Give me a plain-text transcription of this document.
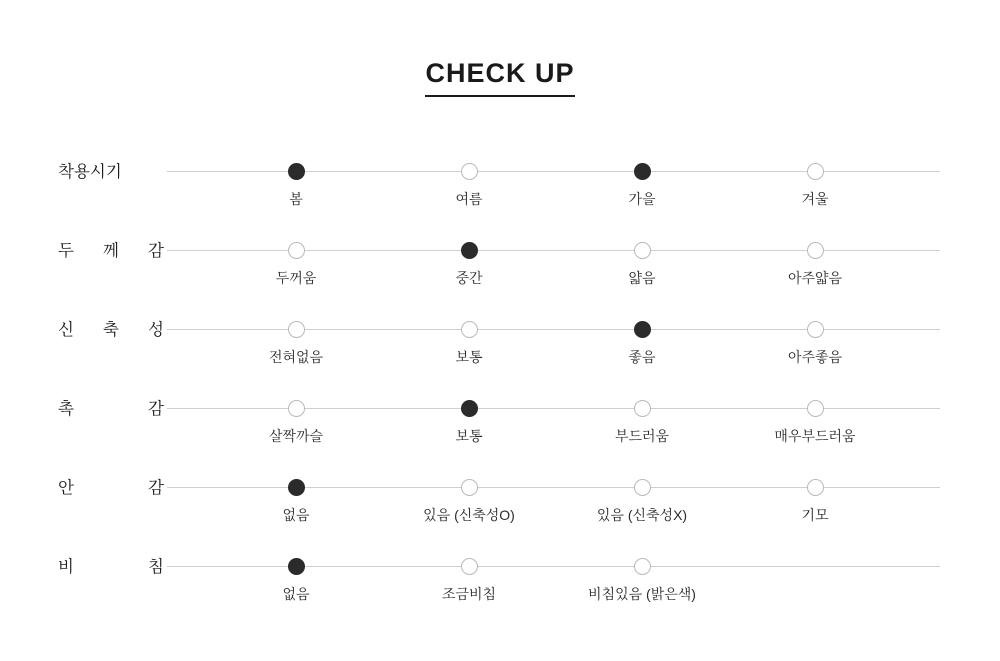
CHECK UP
착용시기
봄	여름	가을	겨울
두 께 감
두꺼움	중간	얇음	아주얇음
신 축 성
전혀없음	보통	좋음	아주좋음
촉	감
살짝까슬	보통	부드러움	매우부드러움
안	감
없음	있음 (신축성O)	있음 (신축성X)	기모
비	침
없음	조금비침	비침있음 (밝은색)
